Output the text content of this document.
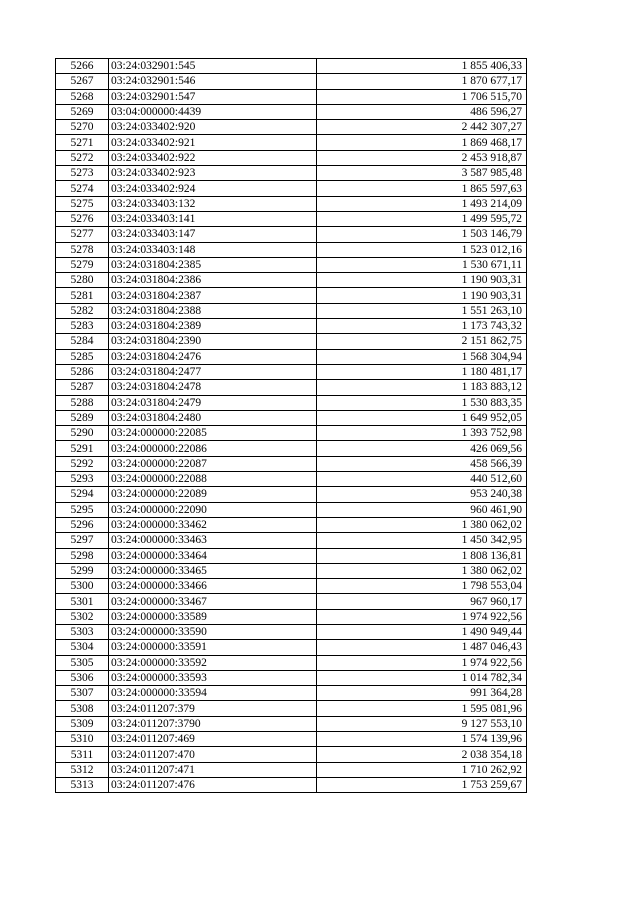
5266	03:24:032901:545	1 855 406,33
5267	03:24:032901:546	1 870 677,17
5268	03:24:032901:547	1 706 515,70
5269	03:04:000000:4439	486 596,27
5270	03:24:033402:920	2 442 307,27
5271	03:24:033402:921	1 869 468,17
5272	03:24:033402:922	2 453 918,87
5273	03:24:033402:923	3 587 985,48
5274	03:24:033402:924	1 865 597,63
5275	03:24:033403:132	1 493 214,09
5276	03:24:033403:141	1 499 595,72
5277	03:24:033403:147	1 503 146,79
5278	03:24:033403:148	1 523 012,16
5279	03:24:031804:2385	1 530 671,11
5280	03:24:031804:2386	1 190 903,31
5281	03:24:031804:2387	1 190 903,31
5282	03:24:031804:2388	1 551 263,10
5283	03:24:031804:2389	1 173 743,32
5284	03:24:031804:2390	2 151 862,75
5285	03:24:031804:2476	1 568 304,94
5286	03:24:031804:2477	1 180 481,17
5287	03:24:031804:2478	1 183 883,12
5288	03:24:031804:2479	1 530 883,35
5289	03:24:031804:2480	1 649 952,05
5290	03:24:000000:22085	1 393 752,98
5291	03:24:000000:22086	426 069,56
5292	03:24:000000:22087	458 566,39
5293	03:24:000000:22088	440 512,60
5294	03:24:000000:22089	953 240,38
5295	03:24:000000:22090	960 461,90
5296	03:24:000000:33462	1 380 062,02
5297	03:24:000000:33463	1 450 342,95
5298	03:24:000000:33464	1 808 136,81
5299	03:24:000000:33465	1 380 062,02
5300	03:24:000000:33466	1 798 553,04
5301	03:24:000000:33467	967 960,17
5302	03:24:000000:33589	1 974 922,56
5303	03:24:000000:33590	1 490 949,44
5304	03:24:000000:33591	1 487 046,43
5305	03:24:000000:33592	1 974 922,56
5306	03:24:000000:33593	1 014 782,34
5307	03:24:000000:33594	991 364,28
5308	03:24:011207:379	1 595 081,96
5309	03:24:011207:3790	9 127 553,10
5310	03:24:011207:469	1 574 139,96
5311	03:24:011207:470	2 038 354,18
5312	03:24:011207:471	1 710 262,92
5313	03:24:011207:476	1 753 259,67
